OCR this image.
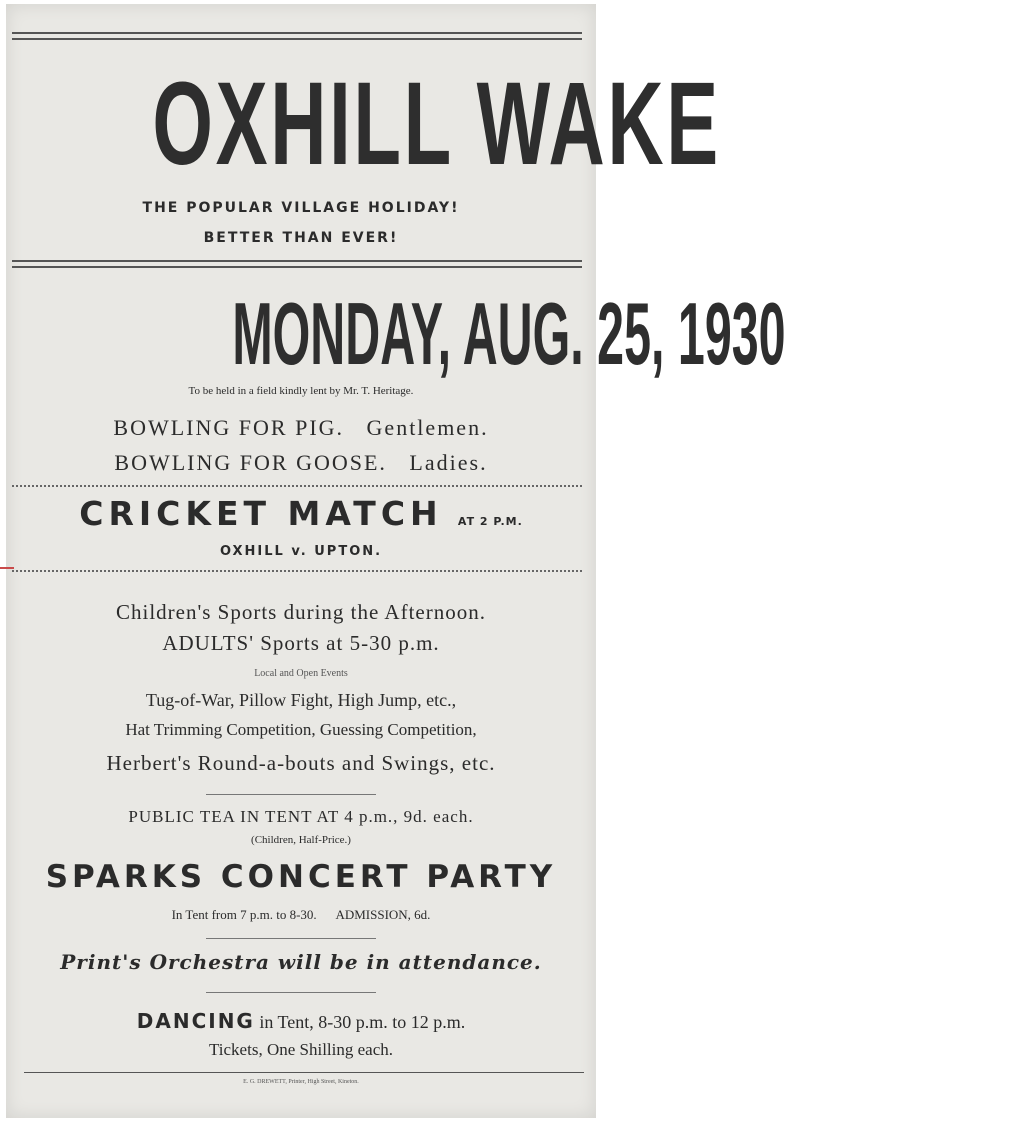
OXHILL WAKE
THE POPULAR VILLAGE HOLIDAY!
BETTER THAN EVER!
MONDAY, AUG. 25, 1930
To be held in a field kindly lent by Mr. T. Heritage.
BOWLING FOR PIG. Gentlemen.
BOWLING FOR GOOSE. Ladies.
CRICKET MATCH AT 2 P.M.
OXHILL v. UPTON.
Children's Sports during the Afternoon.
ADULTS' Sports at 5-30 p.m.
Local and Open Events
Tug-of-War, Pillow Fight, High Jump, etc.,
Hat Trimming Competition, Guessing Competition,
Herbert's Round-a-bouts and Swings, etc.
PUBLIC TEA IN TENT AT 4 p.m., 9d. each.
(Children, Half-Price.)
SPARKS CONCERT PARTY
In Tent from 7 p.m. to 8-30. ADMISSION, 6d.
Print's Orchestra will be in attendance.
DANCING in Tent, 8-30 p.m. to 12 p.m.
Tickets, One Shilling each.
E. G. DREWETT, Printer, High Street, Kineton.
